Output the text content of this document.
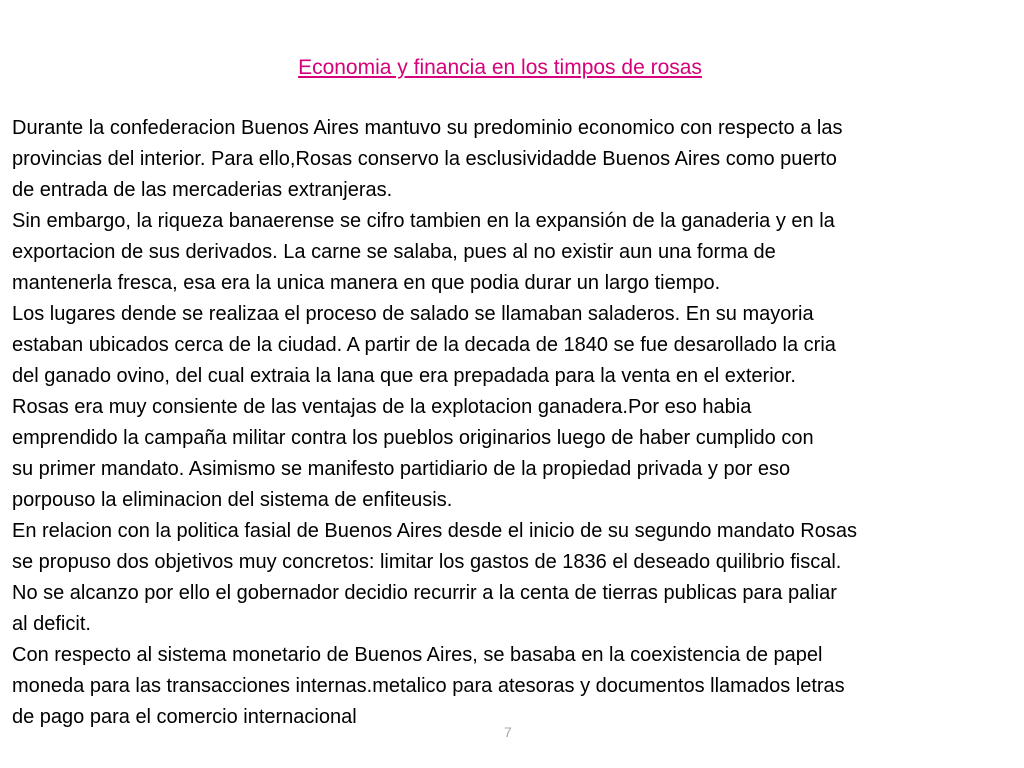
Economia y financia en los timpos de rosas
Durante la confederacion Buenos Aires mantuvo su predominio economico con respecto a las
provincias del interior. Para ello,Rosas conservo la esclusividadde Buenos Aires como puerto
de entrada de las mercaderias extranjeras.
Sin embargo, la riqueza banaerense se cifro tambien en la expansión de la ganaderia y en la
exportacion de sus derivados. La carne se salaba, pues al no existir aun una forma de
mantenerla fresca, esa era la unica manera en que podia durar un largo tiempo.
Los lugares dende se realizaa el proceso de salado se llamaban saladeros. En su mayoria
estaban ubicados cerca de la ciudad. A partir de la decada de 1840 se fue desarollado la cria
del ganado ovino, del cual extraia la lana que era prepadada para la venta en el exterior.
Rosas era muy consiente de las ventajas de la explotacion ganadera.Por eso habia
emprendido la campaña militar contra los pueblos originarios luego de haber cumplido con
su primer mandato. Asimismo se manifesto partidiario de la propiedad privada y por eso
porpouso la eliminacion del sistema de enfiteusis.
En relacion con la politica fasial de Buenos Aires desde el inicio de su segundo mandato Rosas
se propuso dos objetivos muy concretos: limitar los gastos de 1836 el deseado quilibrio fiscal.
No se alcanzo por ello el gobernador decidio recurrir a la centa de tierras publicas para paliar
al deficit.
Con respecto al sistema monetario de Buenos Aires, se basaba en la coexistencia de papel
moneda para las transacciones internas.metalico para atesoras y documentos llamados letras
de pago para el comercio internacional
7
